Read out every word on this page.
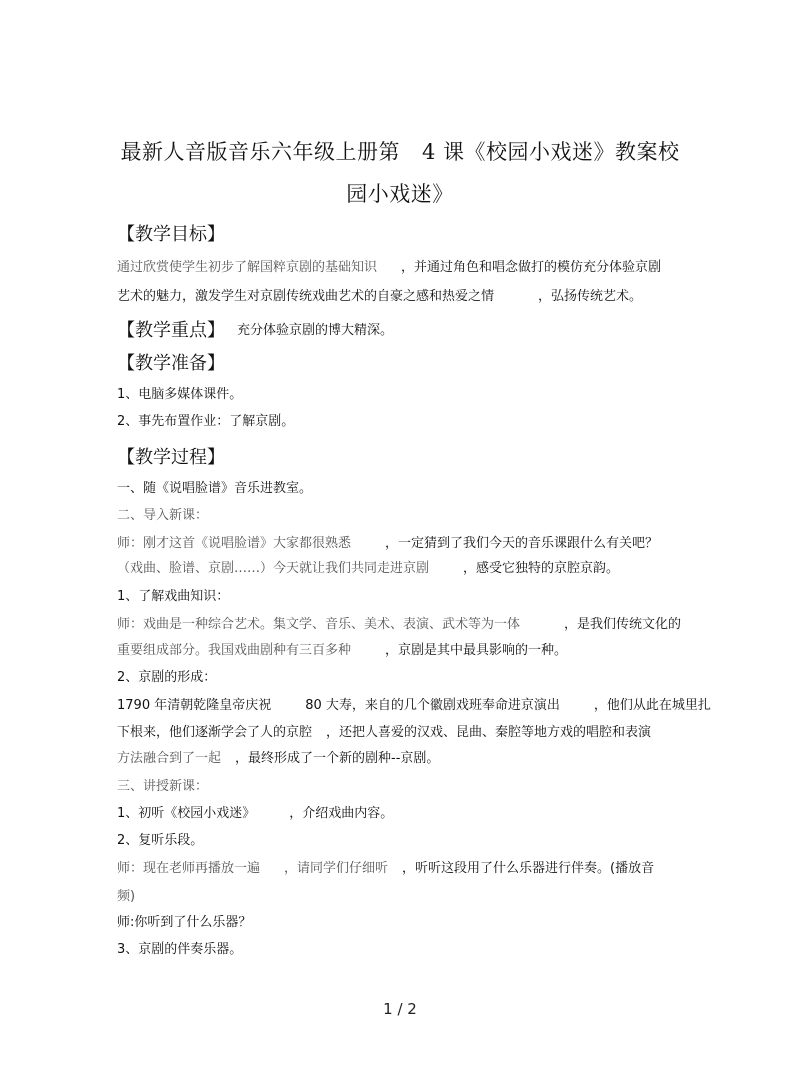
最新人音版音乐六年级上册第 4 课《校园小戏迷》教案校
园小戏迷》
【教学目标】
通过欣赏使学生初步了解国粹京剧的基础知识 ，并通过角色和唱念做打的模仿充分体验京剧
艺术的魅力，激发学生对京剧传统戏曲艺术的自豪之感和热爱之情	，弘扬传统艺术。
【教学重点】 充分体验京剧的博大精深。
【教学准备】
1、电脑多媒体课件。
2、事先布置作业：了解京剧。
【教学过程】
一、随《说唱脸谱》音乐进教室。
二、导入新课：
师：刚才这首《说唱脸谱》大家都很熟悉	，一定猜到了我们今天的音乐课跟什么有关吧？
（戏曲、脸谱、京剧……）今天就让我们共同走进京剧	，感受它独特的京腔京韵。
1、了解戏曲知识：
师：戏曲是一种综合艺术。集文学、音乐、美术、表演、武术等为一体	，是我们传统文化的
重要组成部分。我国戏曲剧种有三百多种	，京剧是其中最具影响的一种。
2、京剧的形成：
1790 年清朝乾隆皇帝庆祝	80 大寿，来自的几个徽剧戏班奉命进京演出	，他们从此在城里扎
下根来，他们逐渐学会了人的京腔 ，还把人喜爱的汉戏、昆曲、秦腔等地方戏的唱腔和表演
方法融合到了一起 ，最终形成了一个新的剧种--京剧。
三、讲授新课：
1、初听《校园小戏迷》	，介绍戏曲内容。
2、复听乐段。
师：现在老师再播放一遍 ，请同学们仔细听 ，听听这段用了什么乐器进行伴奏。(播放音
频)
师:你听到了什么乐器？
3、京剧的伴奏乐器。
1 / 2
